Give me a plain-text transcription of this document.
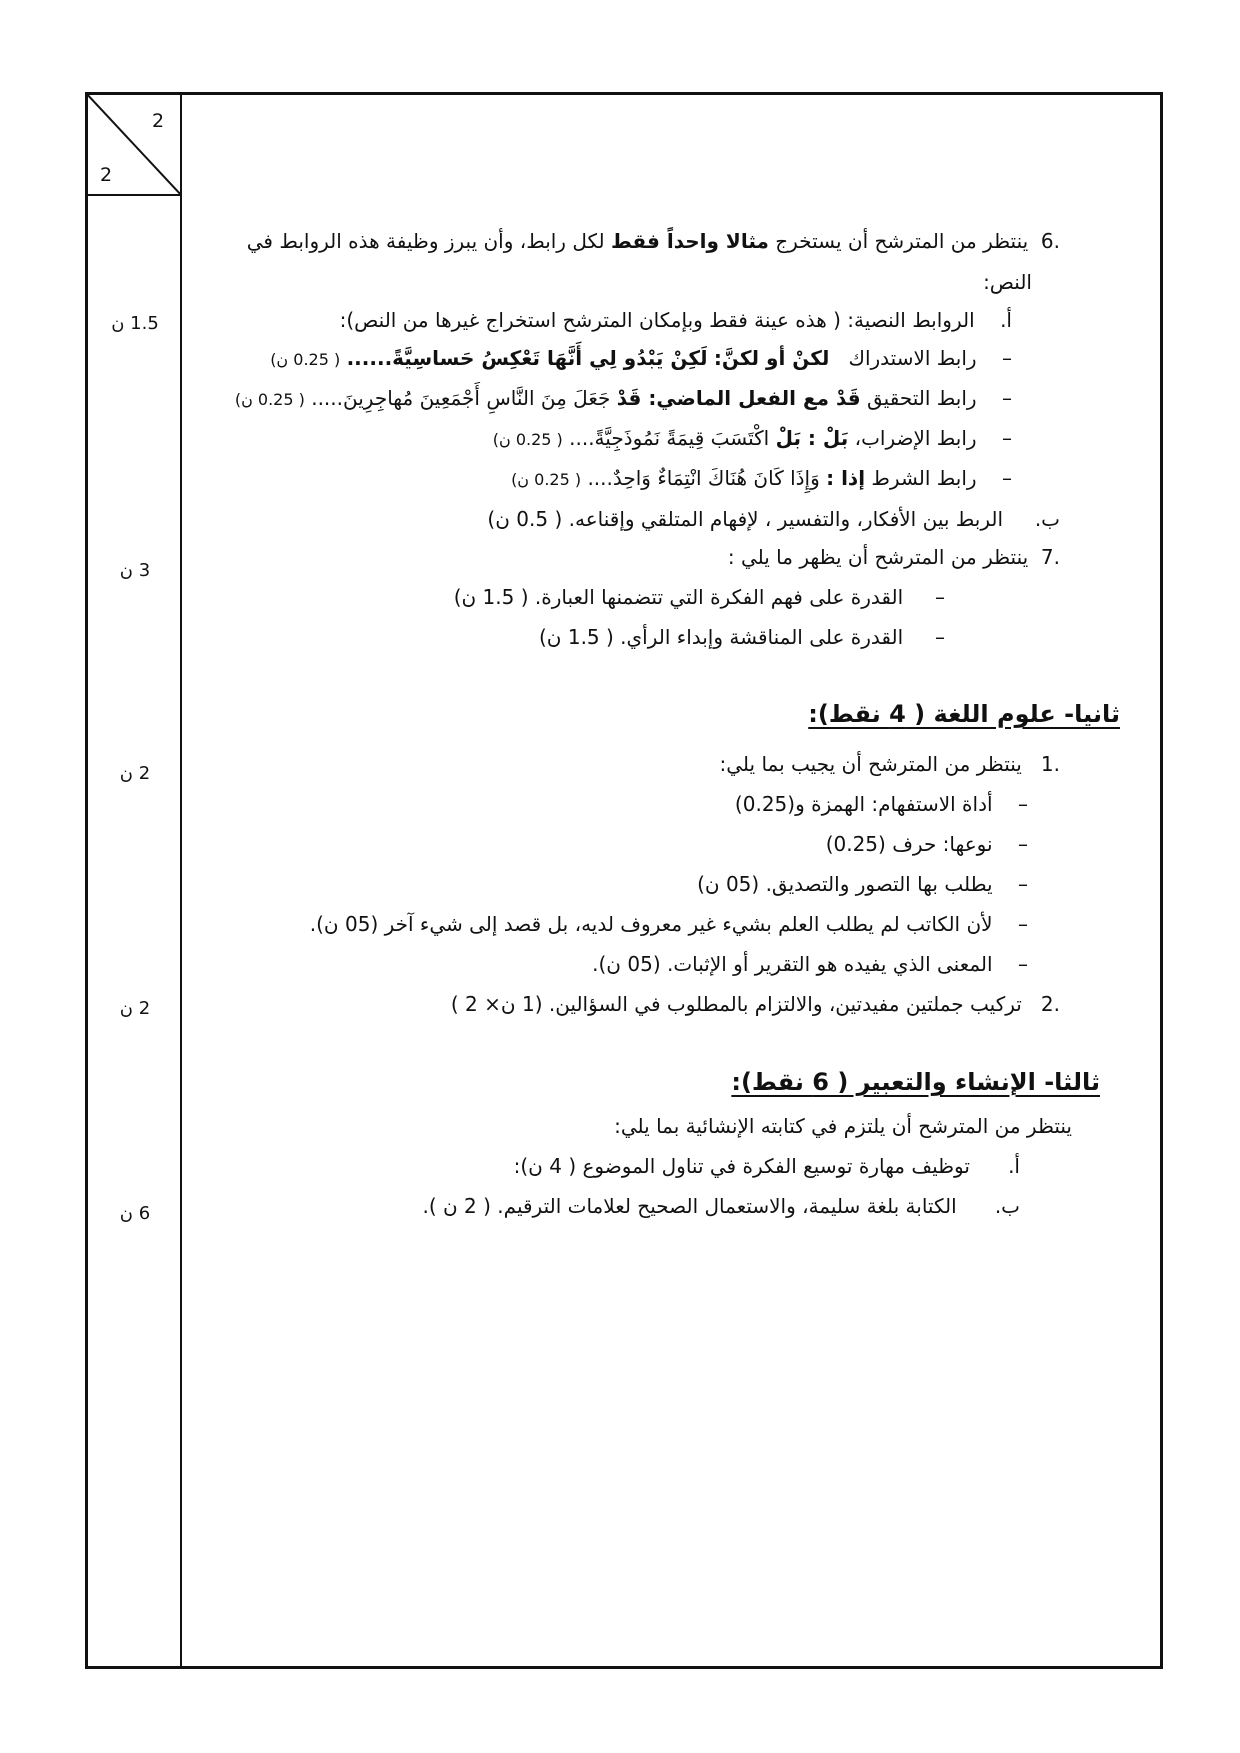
2
2
1.5 ن
3 ن
2 ن
2 ن
6 ن
.6  ينتظر من المترشح أن يستخرج مثالا واحداً فقط لكل رابط، وأن يبرز وظيفة هذه الروابط في
النص:
أ.    الروابط النصية: ( هذه عينة فقط وبإمكان المترشح استخراج غيرها من النص):
–    رابط الاستدراك   لكنْ أو لكنَّ: لَكِنْ يَبْدُو لِي أَنَّهَا تَعْكِسُ حَساسِيَّةً...... ( 0.25 ن)
–    رابط التحقيق قَدْ مع الفعل الماضي: قَدْ جَعَلَ مِنَ النَّاسِ أَجْمَعِينَ مُهاجِرِينَ..... ( 0.25 ن)
–    رابط الإضراب، بَلْ : بَلْ اكْتَسَبَ قِيمَةً نَمُوذَجِيَّةً.... ( 0.25 ن)
–    رابط الشرط إذا : وَإِذَا كَانَ هُنَاكَ انْتِمَاءٌ وَاحِدٌ.... ( 0.25 ن)
ب.     الربط بين الأفكار، والتفسير ، لإفهام المتلقي وإقناعه. ( 0.5 ن)
.7  ينتظر من المترشح أن يظهر ما يلي :
–     القدرة على فهم الفكرة التي تتضمنها العبارة. ( 1.5 ن)
–     القدرة على المناقشة وإبداء الرأي. ( 1.5 ن)
ثانيا- علوم اللغة ( 4 نقط):
.1   ينتظر من المترشح أن يجيب بما يلي:
–    أداة الاستفهام: الهمزة و(0.25)
–    نوعها: حرف (0.25)
–    يطلب بها التصور والتصديق. (05 ن)
–    لأن الكاتب لم يطلب العلم بشيء غير معروف لديه، بل قصد إلى شيء آخر (05 ن).
–    المعنى الذي يفيده هو التقرير أو الإثبات. (05 ن).
.2   تركيب جملتين مفيدتين، والالتزام بالمطلوب في السؤالين. (1 ن× 2 )
ثالثا- الإنشاء والتعبير ( 6 نقط):
ينتظر من المترشح أن يلتزم في كتابته الإنشائية بما يلي:
أ.      توظيف مهارة توسيع الفكرة في تناول الموضوع ( 4 ن):
ب.      الكتابة بلغة سليمة، والاستعمال الصحيح لعلامات الترقيم. ( 2 ن ).
